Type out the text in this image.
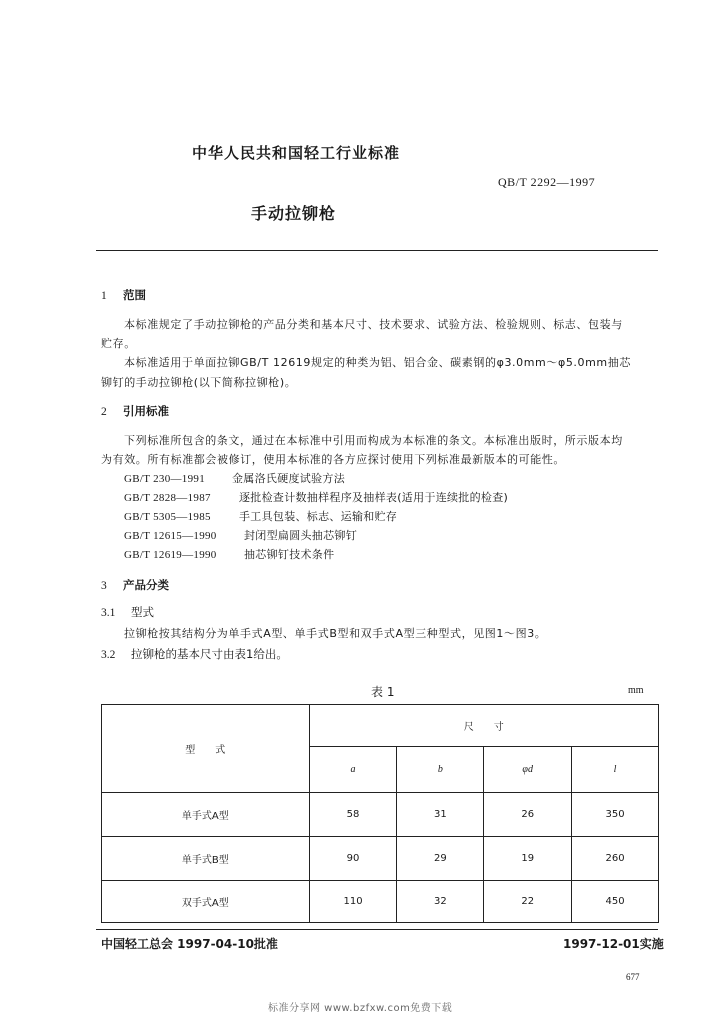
中华人民共和国轻工行业标准
QB/T 2292—1997
手动拉铆枪
1 范围
本标准规定了手动拉铆枪的产品分类和基本尺寸、技术要求、试验方法、检验规则、标志、包装与
贮存。
本标准适用于单面拉铆GB/T 12619规定的种类为铝、铝合金、碳素钢的φ3.0mm～φ5.0mm抽芯
铆钉的手动拉铆枪(以下简称拉铆枪)。
2 引用标准
下列标准所包含的条文，通过在本标准中引用而构成为本标准的条文。本标准出版时，所示版本均
为有效。所有标准都会被修订，使用本标准的各方应探讨使用下列标准最新版本的可能性。
GB/T 230—1991 金属洛氏硬度试验方法
GB/T 2828—1987	逐批检查计数抽样程序及抽样表(适用于连续批的检查)
GB/T 5305—1985	手工具包装、标志、运输和贮存
GB/T 12615—1990 封闭型扁圆头抽芯铆钉
GB/T 12619—1990 抽芯铆钉技术条件
3 产品分类
3.1 型式
拉铆枪按其结构分为单手式A型、单手式B型和双手式A型三种型式，见图1～图3。
3.2 拉铆枪的基本尺寸由表1给出。
表 1	mm
型　　式	尺　　寸			
	a	b	φd	l
单手式A型	58	31	26	350
单手式B型	90	29	19	260
双手式A型	110	32	22	450
中国轻工总会 1997-04-10批准	1997-12-01实施
677
标准分享网 www.bzfxw.com免费下载
